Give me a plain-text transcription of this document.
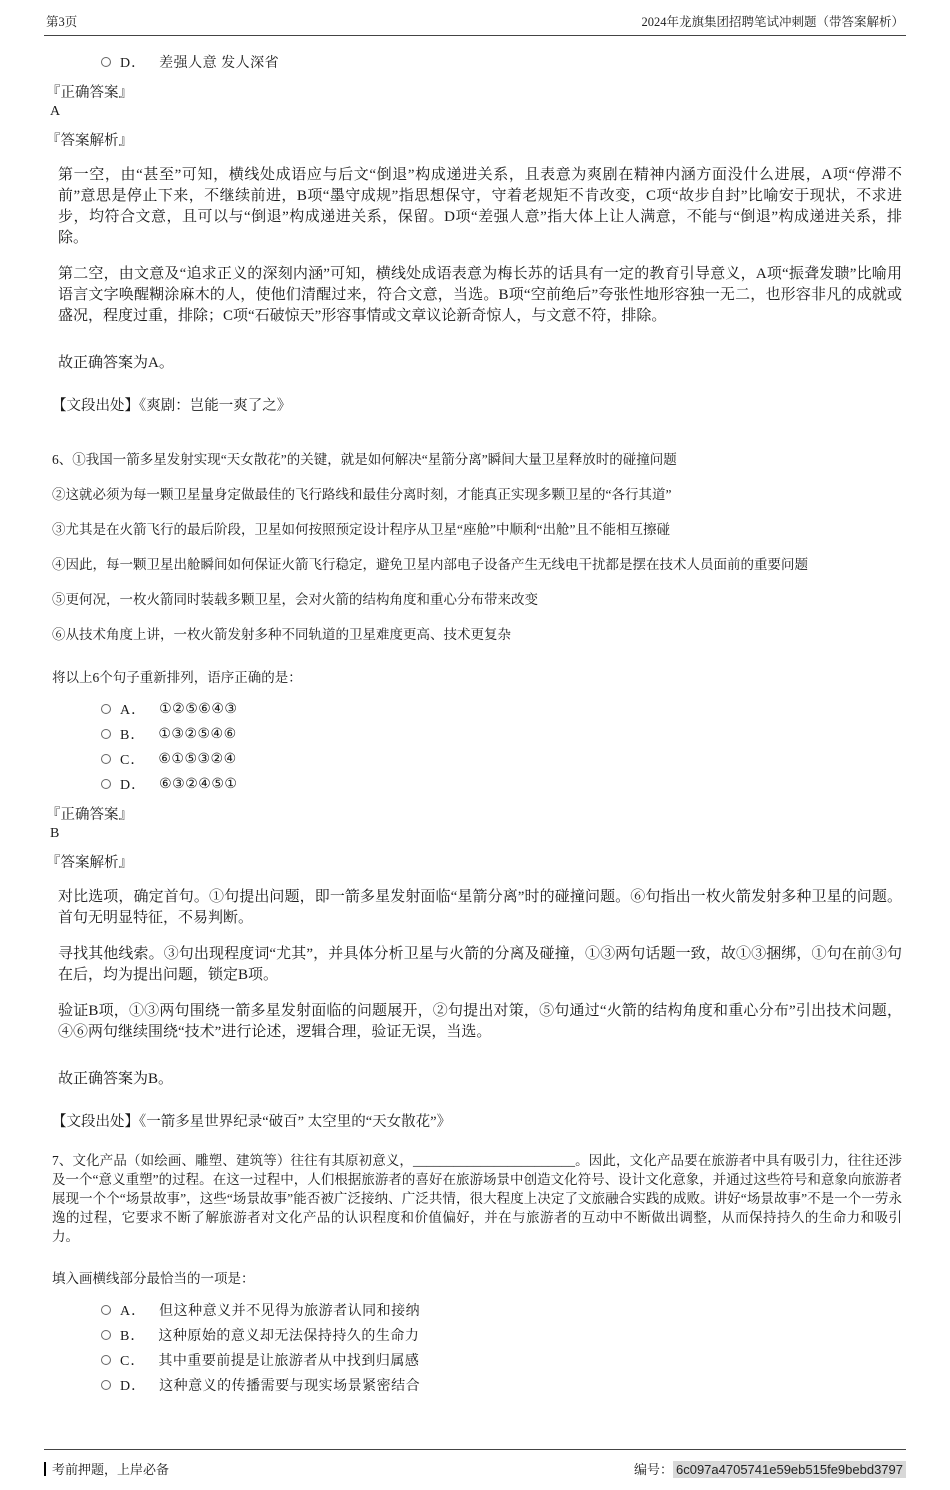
第3页	2024年龙旗集团招聘笔试冲刺题（带答案解析）
D． 差强人意 发人深省
『正确答案』
A
『答案解析』

第一空，由“甚至”可知，横线处成语应与后文“倒退”构成递进关系，且表意为爽剧在精神内涵方面没什么进展，A项“停滞不前”意思是停止下来，不继续前进，B项“墨守成规”指思想保守，守着老规矩不肯改变，C项“故步自封”比喻安于现状，不求进步，均符合文意，且可以与“倒退”构成递进关系，保留。D项“差强人意”指大体上让人满意，不能与“倒退”构成递进关系，排除。

第二空，由文意及“追求正义的深刻内涵”可知，横线处成语表意为梅长苏的话具有一定的教育引导意义，A项“振聋发聩”比喻用语言文字唤醒糊涂麻木的人，使他们清醒过来，符合文意，当选。B项“空前绝后”夸张性地形容独一无二，也形容非凡的成就或盛况，程度过重，排除；C项“石破惊天”形容事情或文章议论新奇惊人，与文意不符，排除。

故正确答案为A。

【文段出处】《爽剧：岂能一爽了之》

6、①我国一箭多星发射实现“天女散花”的关键，就是如何解决“星箭分离”瞬间大量卫星释放时的碰撞问题

②这就必须为每一颗卫星量身定做最佳的飞行路线和最佳分离时刻，才能真正实现多颗卫星的“各行其道”

③尤其是在火箭飞行的最后阶段，卫星如何按照预定设计程序从卫星“座舱”中顺利“出舱”且不能相互擦碰

④因此，每一颗卫星出舱瞬间如何保证火箭飞行稳定，避免卫星内部电子设备产生无线电干扰都是摆在技术人员面前的重要问题

⑤更何况，一枚火箭同时装载多颗卫星，会对火箭的结构角度和重心分布带来改变

⑥从技术角度上讲，一枚火箭发射多种不同轨道的卫星难度更高、技术更复杂

将以上6个句子重新排列，语序正确的是：

A． ①②⑤⑥④③
B． ①③②⑤④⑥
C． ⑥①⑤③②④
D． ⑥③②④⑤①
『正确答案』
B
『答案解析』

对比选项，确定首句。①句提出问题，即一箭多星发射面临“星箭分离”时的碰撞问题。⑥句指出一枚火箭发射多种卫星的问题。首句无明显特征，不易判断。

寻找其他线索。③句出现程度词“尤其”，并具体分析卫星与火箭的分离及碰撞，①③两句话题一致，故①③捆绑，①句在前③句在后，均为提出问题，锁定B项。

验证B项，①③两句围绕一箭多星发射面临的问题展开，②句提出对策，⑤句通过“火箭的结构角度和重心分布”引出技术问题，④⑥两句继续围绕“技术”进行论述，逻辑合理，验证无误，当选。

故正确答案为B。

【文段出处】《一箭多星世界纪录“破百” 太空里的“天女散花”》

7、文化产品（如绘画、雕塑、建筑等）往往有其原初意义，________________________。因此，文化产品要在旅游者中具有吸引力，往往还涉及一个“意义重塑”的过程。在这一过程中，人们根据旅游者的喜好在旅游场景中创造文化符号、设计文化意象，并通过这些符号和意象向旅游者展现一个个“场景故事”，这些“场景故事”能否被广泛接纳、广泛共情，很大程度上决定了文旅融合实践的成败。讲好“场景故事”不是一个一劳永逸的过程，它要求不断了解旅游者对文化产品的认识程度和价值偏好，并在与旅游者的互动中不断做出调整，从而保持持久的生命力和吸引力。

填入画横线部分最恰当的一项是：

A． 但这种意义并不见得为旅游者认同和接纳
B． 这种原始的意义却无法保持持久的生命力
C． 其中重要前提是让旅游者从中找到归属感
D． 这种意义的传播需要与现实场景紧密结合
考前押题，上岸必备	编号： 6c097a4705741e59eb515fe9bebd3797
